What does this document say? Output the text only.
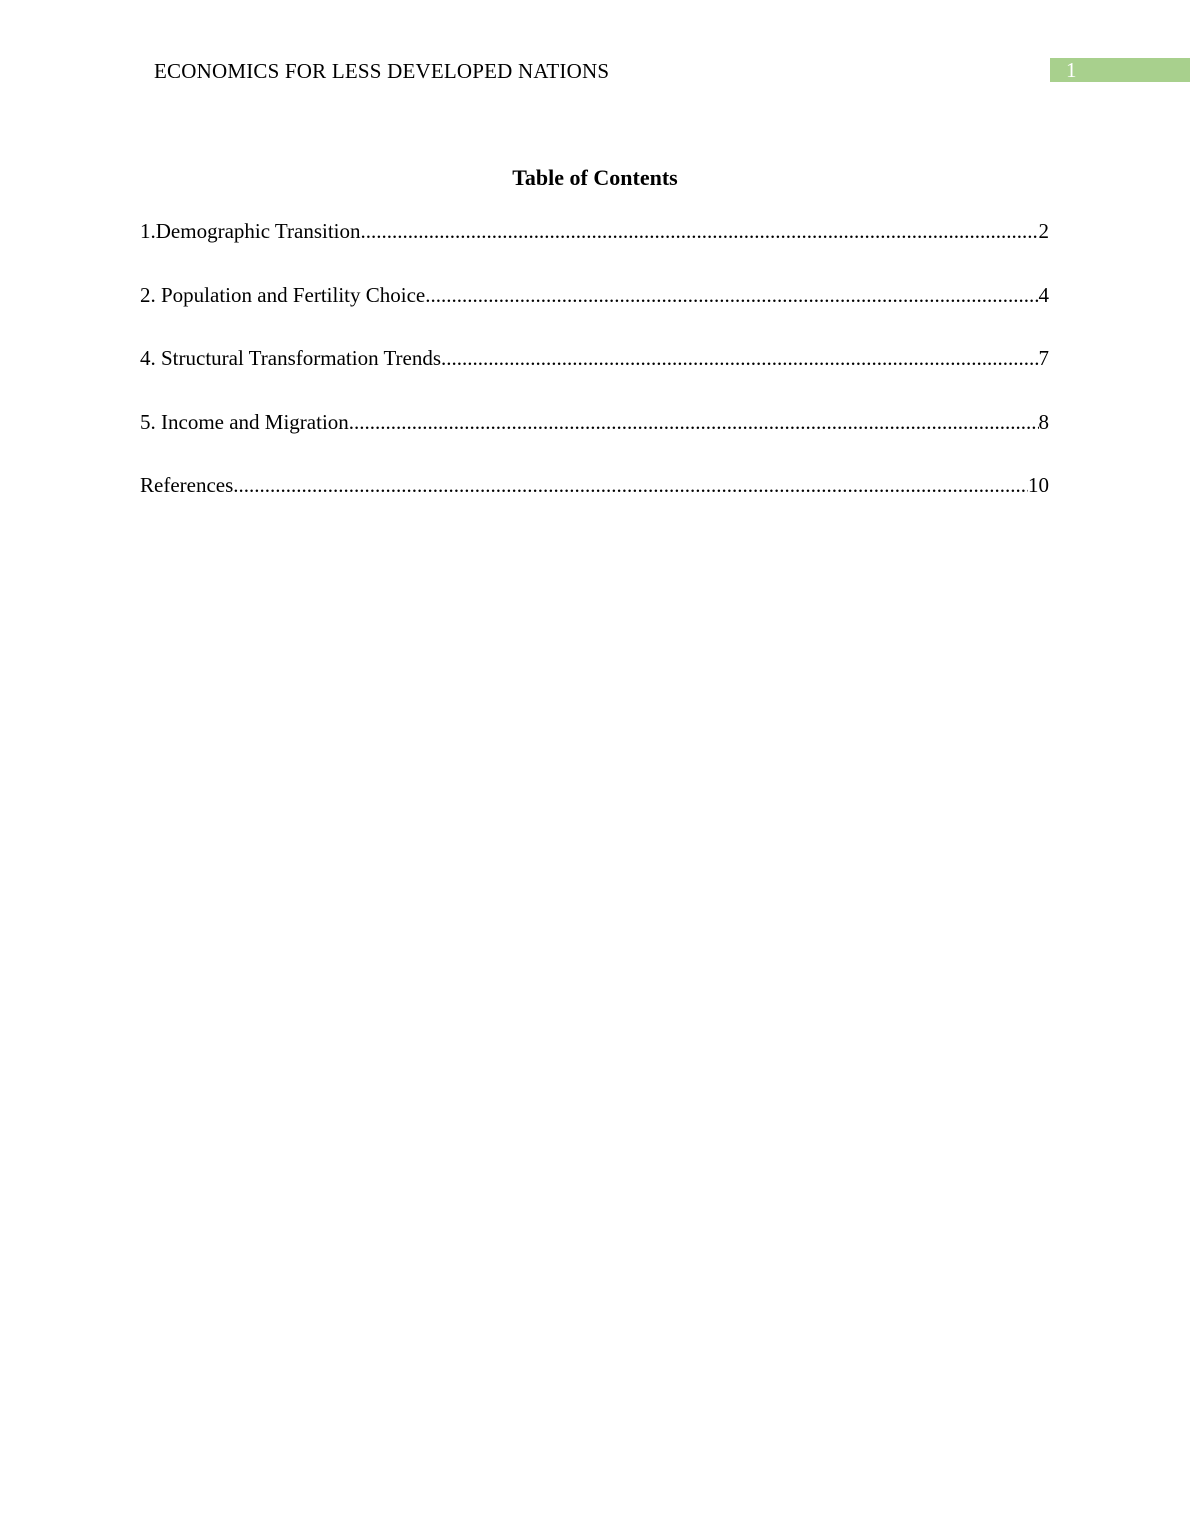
ECONOMICS FOR LESS DEVELOPED NATIONS	1
Table of Contents
1.Demographic Transition .....	2
2. Population and Fertility Choice .....	4
4. Structural Transformation Trends .....	7
5. Income and Migration .....	8
References .....	10
